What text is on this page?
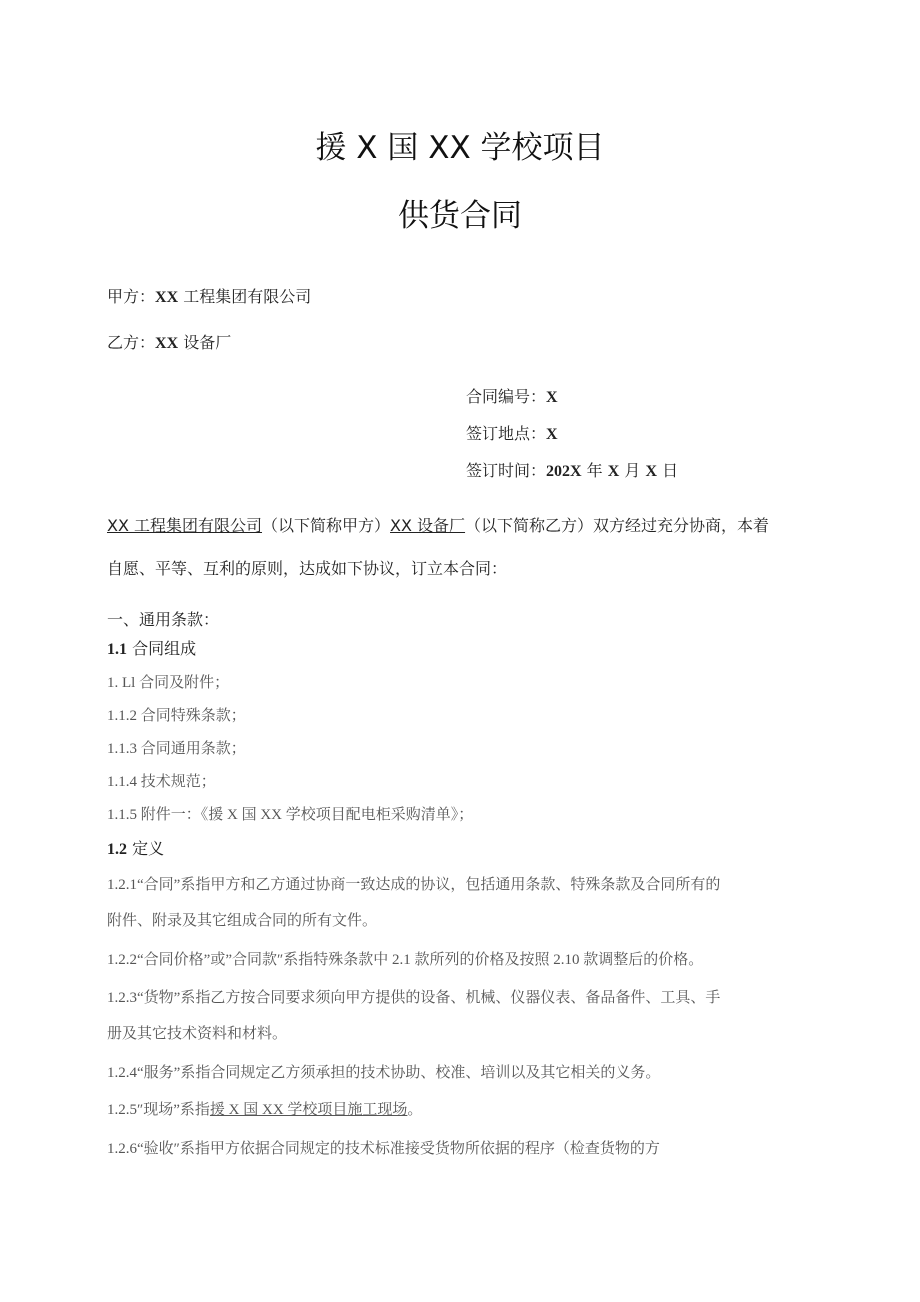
援 X 国 XX 学校项目
供货合同
甲方：XX 工程集团有限公司
乙方：XX 设备厂
合同编号：X
签订地点：X
签订时间：202X 年 X 月 X 日
XX 工程集团有限公司（以下简称甲方）XX 设备厂（以下简称乙方）双方经过充分协商，本着
自愿、平等、互利的原则，达成如下协议，订立本合同：
一、通用条款：
1.1 合同组成
1. Ll 合同及附件；
1.1.2 合同特殊条款；
1.1.3 合同通用条款；
1.1.4 技术规范；
1.1.5 附件一：《援 X 国 XX 学校项目配电柜采购清单》；
1.2 定义
1.2.1“合同”系指甲方和乙方通过协商一致达成的协议，包括通用条款、特殊条款及合同所有的
附件、附录及其它组成合同的所有文件。
1.2.2“合同价格”或”合同款″系指特殊条款中 2.1 款所列的价格及按照 2.10 款调整后的价格。
1.2.3“货物”系指乙方按合同要求须向甲方提供的设备、机械、仪器仪表、备品备件、工具、手
册及其它技术资料和材料。
1.2.4“服务”系指合同规定乙方须承担的技术协助、校准、培训以及其它相关的义务。
1.2.5″现场”系指援 X 国 XX 学校项目施工现场。
1.2.6“验收″系指甲方依据合同规定的技术标准接受货物所依据的程序（检查货物的方
